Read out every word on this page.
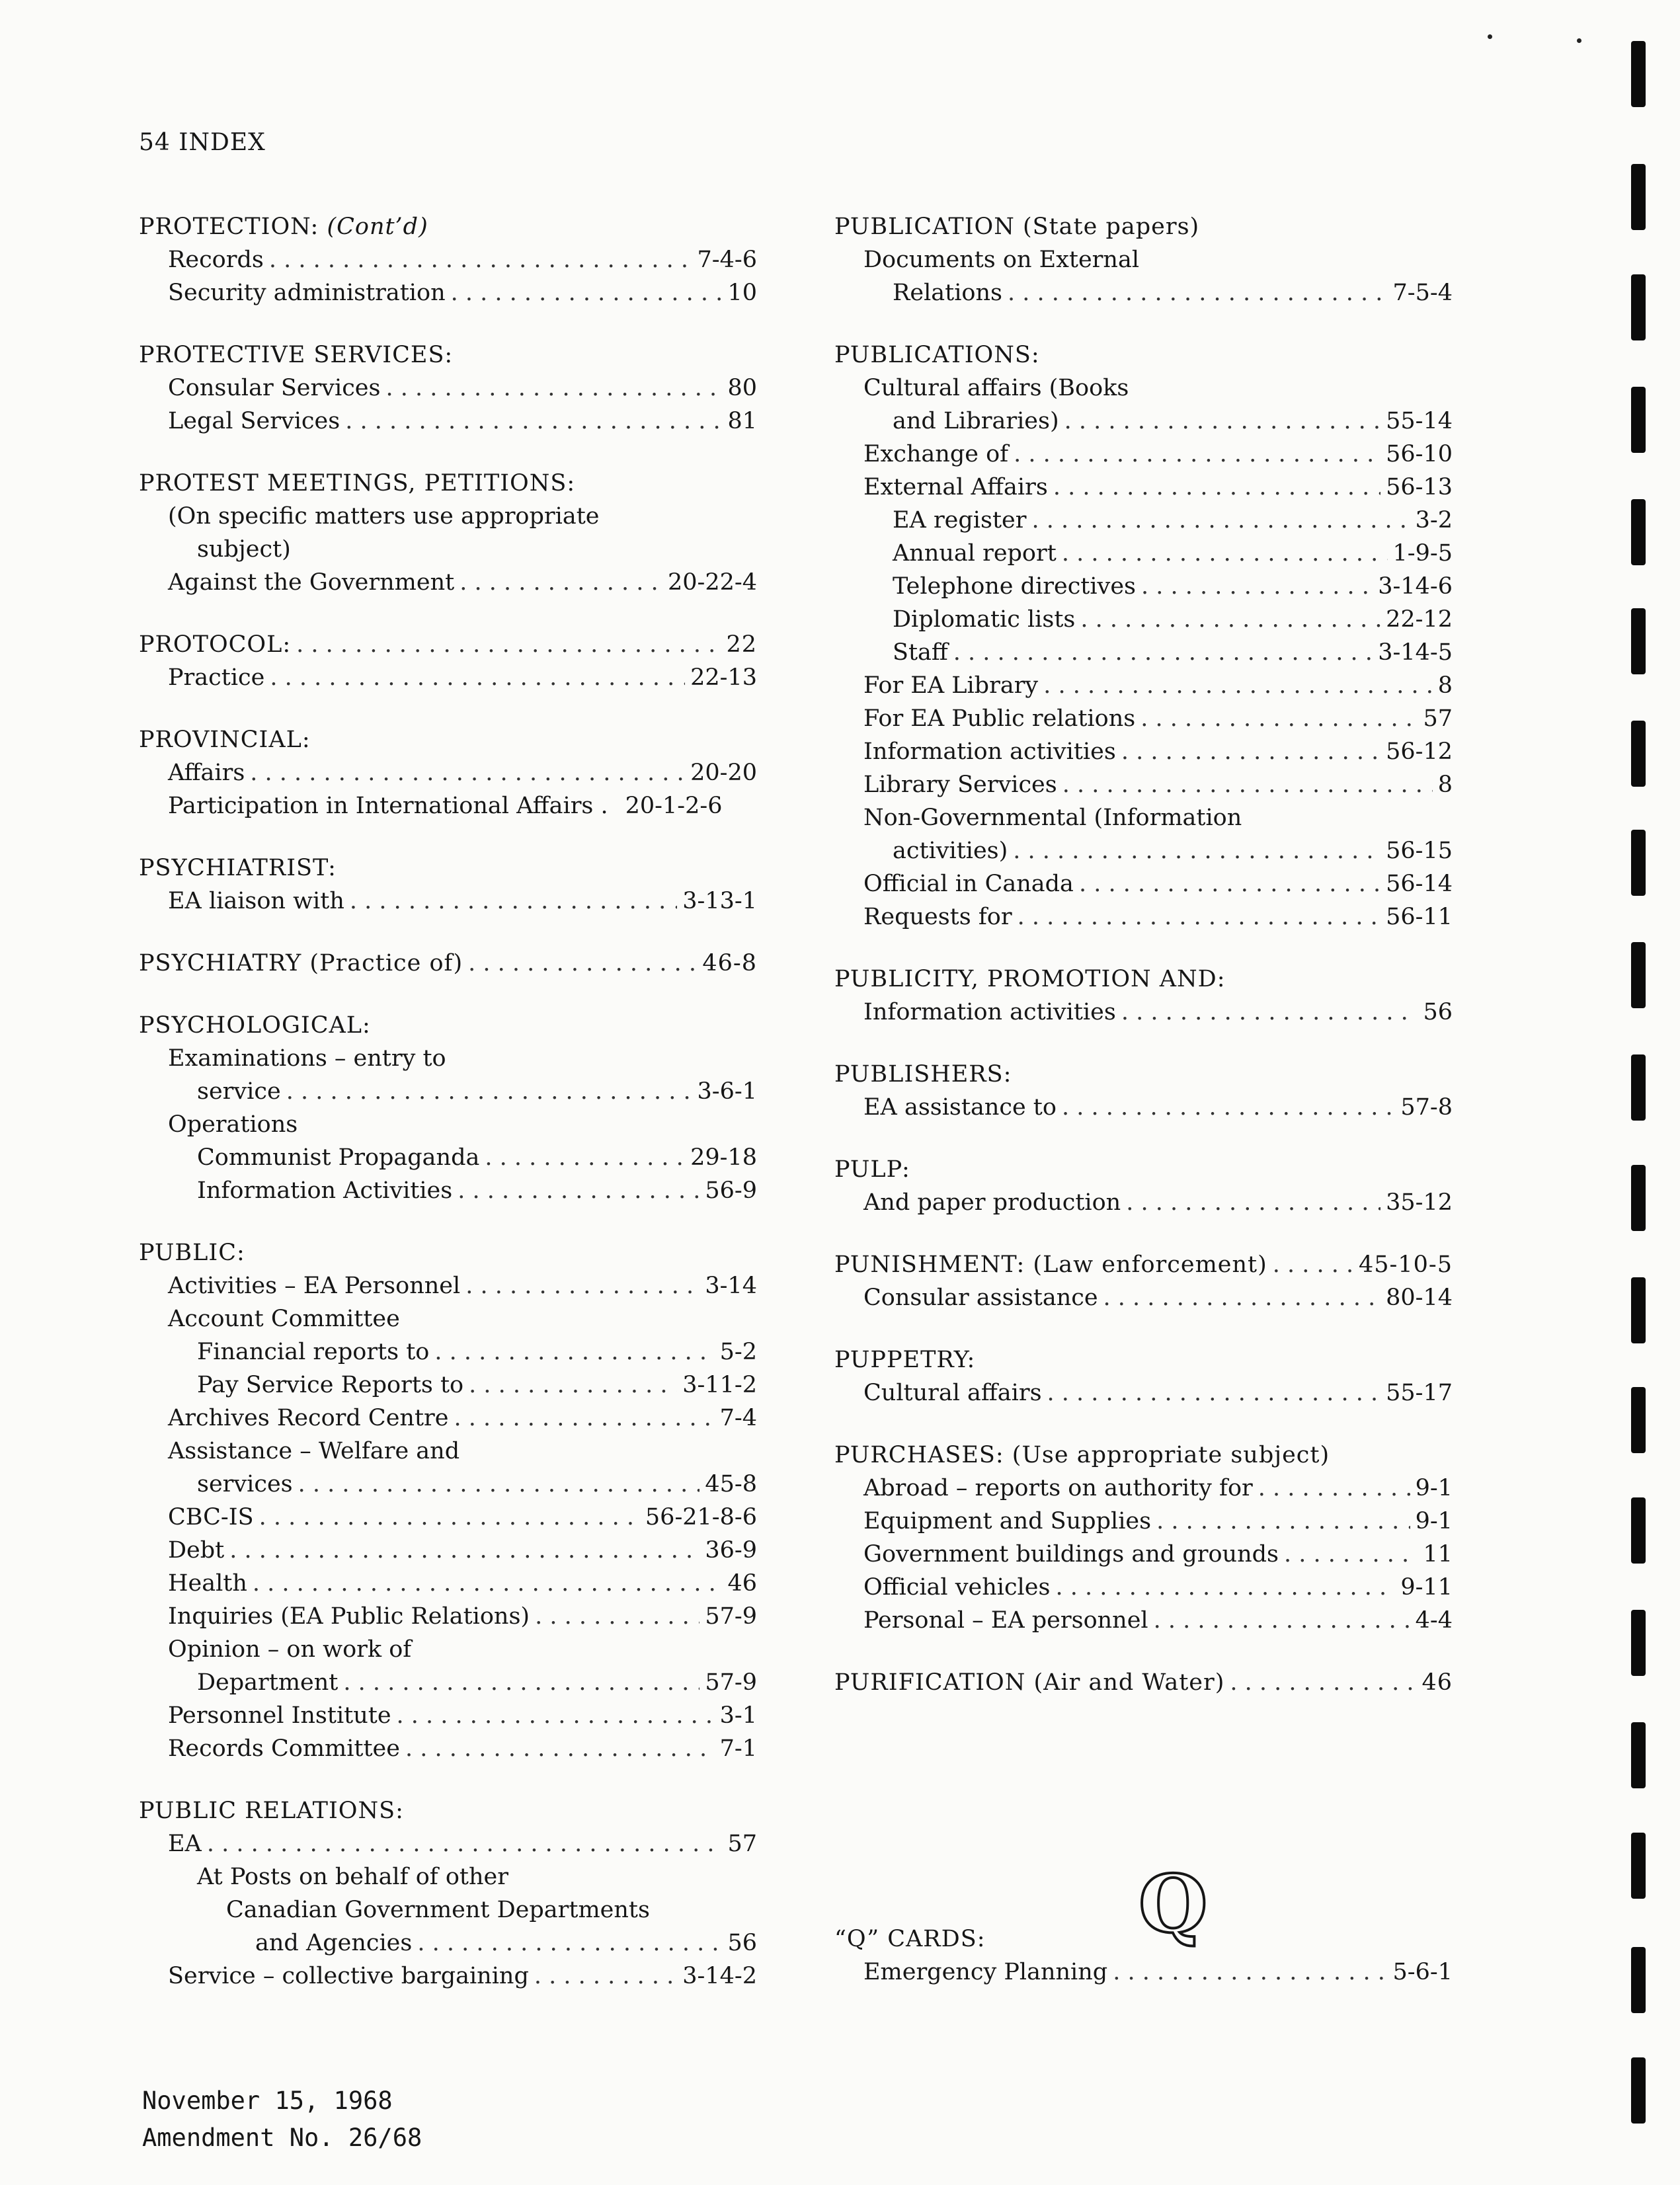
54 INDEX
PROTECTION: (Cont’d)
Records . . .	7-4-6
Security administration . . .	10
PROTECTIVE SERVICES:
Consular Services . . .	80
Legal Services . . .	81
PROTEST MEETINGS, PETITIONS:
(On specific matters use appropriate
subject)
Against the Government . . .	20-22-4
PROTOCOL: . . .	22
Practice . . .	22-13
PROVINCIAL:
Affairs . . .	20-20
Participation in International Affairs . 20-1-2-6
PSYCHIATRIST:
EA liaison with . . .	3-13-1
PSYCHIATRY (Practice of) . . .	46-8
PSYCHOLOGICAL:
Examinations – entry to
service . . .	3-6-1
Operations
Communist Propaganda . . .	29-18
Information Activities . . .	56-9
PUBLIC:
Activities – EA Personnel . . .	3-14
Account Committee
Financial reports to . . .	5-2
Pay Service Reports to . . .	3-11-2
Archives Record Centre . . .	7-4
Assistance – Welfare and
services . . .	45-8
CBC-IS . . .	56-21-8-6
Debt . . .	36-9
Health . . .	46
Inquiries (EA Public Relations) . . .	57-9
Opinion – on work of
Department . . .	57-9
Personnel Institute . . .	3-1
Records Committee . . .	7-1
PUBLIC RELATIONS:
EA . . .	57
At Posts on behalf of other
Canadian Government Departments
and Agencies . . .	56
Service – collective bargaining . . .	3-14-2
PUBLICATION (State papers)
Documents on External
Relations . . .	7-5-4
PUBLICATIONS:
Cultural affairs (Books
and Libraries) . . .	55-14
Exchange of . . .	56-10
External Affairs . . .	56-13
EA register . . .	3-2
Annual report . . .	1-9-5
Telephone directives . . .	3-14-6
Diplomatic lists . . .	22-12
Staff . . .	3-14-5
For EA Library . . .	8
For EA Public relations . . .	57
Information activities . . .	56-12
Library Services . . .	8
Non-Governmental (Information
activities) . . .	56-15
Official in Canada . . .	56-14
Requests for . . .	56-11
PUBLICITY, PROMOTION AND:
Information activities . . .	56
PUBLISHERS:
EA assistance to . . .	57-8
PULP:
And paper production . . .	35-12
PUNISHMENT: (Law enforcement) . . .	45-10-5
Consular assistance . . .	80-14
PUPPETRY:
Cultural affairs . . .	55-17
PURCHASES: (Use appropriate subject)
Abroad – reports on authority for . . .	9-1
Equipment and Supplies . . .	9-1
Government buildings and grounds . . .	11
Official vehicles . . .	9-11
Personal – EA personnel . . .	4-4
PURIFICATION (Air and Water) . . .	46
“Q” CARDS:
Emergency Planning . . .	5-6-1
Q
November 15, 1968
Amendment No. 26/68
